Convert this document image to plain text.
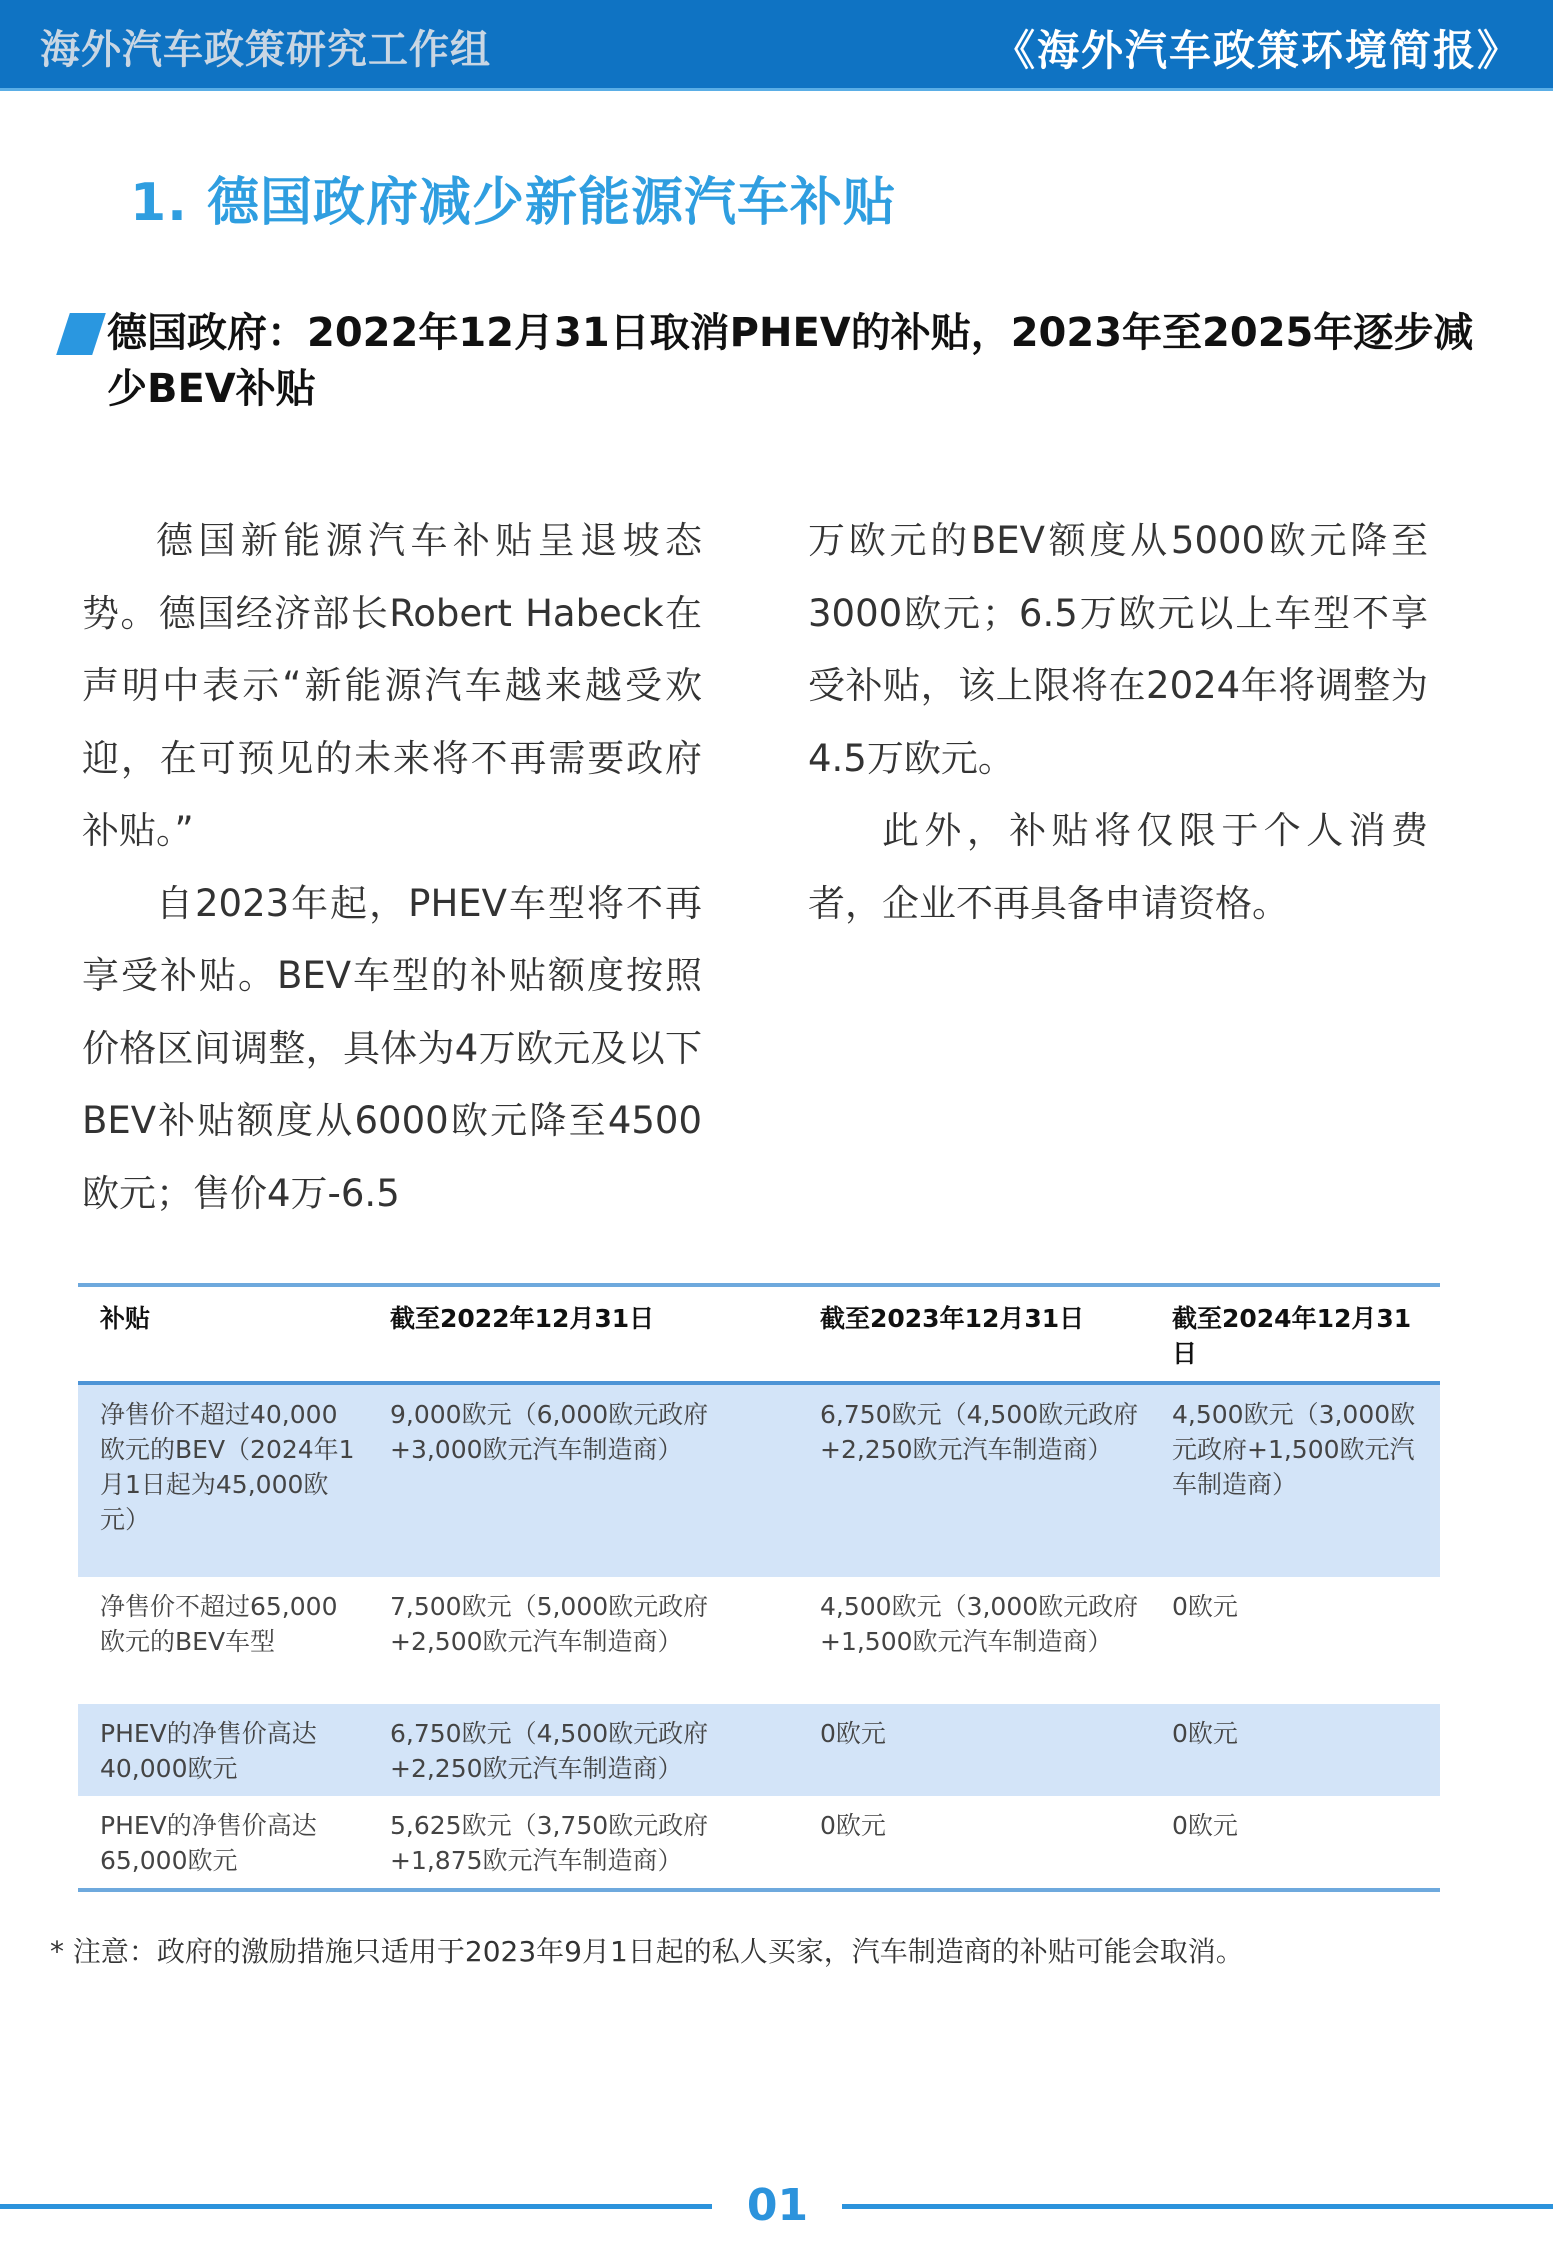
海外汽车政策研究工作组	《海外汽车政策环境简报》
1. 德国政府减少新能源汽车补贴
德国政府：2022年12月31日取消PHEV的补贴，2023年至2025年逐步减少BEV补贴

德国新能源汽车补贴呈退坡态势。德国经济部长Robert Habeck在声明中表示“新能源汽车越来越受欢迎，在可预见的未来将不再需要政府补贴。”

自2023年起，PHEV车型将不再享受补贴。BEV车型的补贴额度按照价格区间调整，具体为4万欧元及以下BEV补贴额度从6000欧元降至4500欧元；售价4万-6.5

万欧元的BEV额度从5000欧元降至3000欧元；6.5万欧元以上车型不享受补贴，该上限将在2024年将调整为4.5万欧元。

此外，补贴将仅限于个人消费者，企业不再具备申请资格。

补贴	截至2022年12月31日	截至2023年12月31日	截至2024年12月31日
净售价不超过40,000欧元的BEV（2024年1月1日起为45,000欧元）	9,000欧元（6,000欧元政府+3,000欧元汽车制造商）	6,750欧元（4,500欧元政府+2,250欧元汽车制造商）	4,500欧元（3,000欧元政府+1,500欧元汽车制造商）
净售价不超过65,000欧元的BEV车型	7,500欧元（5,000欧元政府+2,500欧元汽车制造商）	4,500欧元（3,000欧元政府+1,500欧元汽车制造商）	0欧元
PHEV的净售价高达40,000欧元	6,750欧元（4,500欧元政府+2,250欧元汽车制造商）	0欧元	0欧元
PHEV的净售价高达65,000欧元	5,625欧元（3,750欧元政府+1,875欧元汽车制造商）	0欧元	0欧元
* 注意：政府的激励措施只适用于2023年9月1日起的私人买家，汽车制造商的补贴可能会取消。
01
